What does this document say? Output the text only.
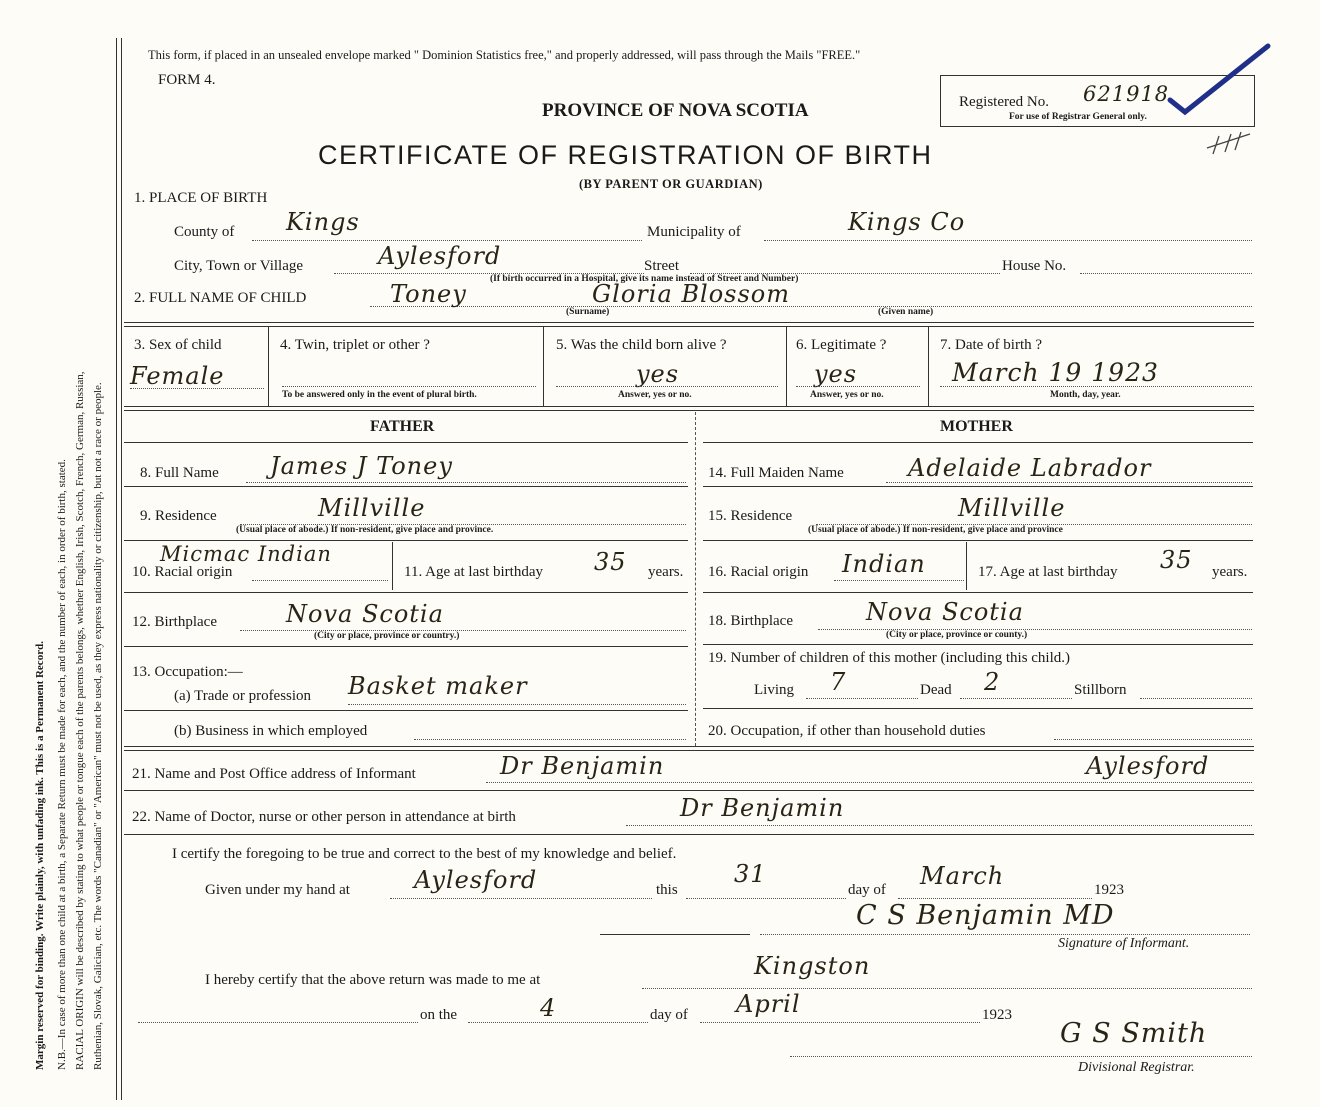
Margin reserved for binding. Write plainly, with unfading ink. This is a Permanent Record. N.B.—In case of more than one child at a birth, a Separate Return must be made for each, and the number of each, in order of birth, stated. RACIAL ORIGIN will be described by stating to what people or tongue each of the parents belongs, whether English, Irish, Scotch, French, German, Russian, Ruthenian, Slovak, Galician, etc. The words "Canadian" or "American" must not be used, as they express nationality or citizenship, but not a race or people.
This form, if placed in an unsealed envelope marked " Dominion Statistics free," and properly addressed, will pass through the Mails "FREE."
FORM 4.
PROVINCE OF NOVA SCOTIA
CERTIFICATE OF REGISTRATION OF BIRTH
(BY PARENT OR GUARDIAN)
Registered No. 621918
For use of Registrar General only.
1. PLACE OF BIRTH
County of Kings	Municipality of	Kings Co
City, Town or Village	Aylesford	Street
(If birth occurred in a Hospital, give its name instead of Street and Number)
House No.
2. FULL NAME OF CHILD	Toney	Gloria Blossom
(Surname)	(Given name)
3. Sex of child
Female
4. Twin, triplet or other ?
To be answered only in the event of plural birth.
5. Was the child born alive ?
yes
Answer, yes or no.
6. Legitimate ?
yes
Answer, yes or no.
7. Date of birth ?
March 19 1923
Month, day, year.
FATHER	MOTHER
8. Full Name James J Toney
9. Residence	Millville
(Usual place of abode.) If non-resident, give place and province.
10. Racial origin
Micmac Indian
11. Age at last birthday 35 years.
12. Birthplace	Nova Scotia
(City or place, province or country.)
13. Occupation:—
(a) Trade or profession Basket maker
(b) Business in which employed
14. Full Maiden Name	Adelaide Labrador
15. Residence	Millville
(Usual place of abode.) If non-resident, give place and province
16. Racial origin Indian	17. Age at last birthday 35 years.
18. Birthplace	Nova Scotia
(City or place, province or county.)
19. Number of children of this mother (including this child.)
Living 7	Dead 2	Stillborn
20. Occupation, if other than household duties
21. Name and Post Office address of Informant	Dr Benjamin	Aylesford
22. Name of Doctor, nurse or other person in attendance at birth	Dr Benjamin
I certify the foregoing to be true and correct to the best of my knowledge and belief.
Given under my hand at	Aylesford	this
31
day of March	1923
C S Benjamin MD
Signature of Informant.
I hereby certify that the above return was made to me at	Kingston
on the	4	day of April	1923
G S Smith
Divisional Registrar.
